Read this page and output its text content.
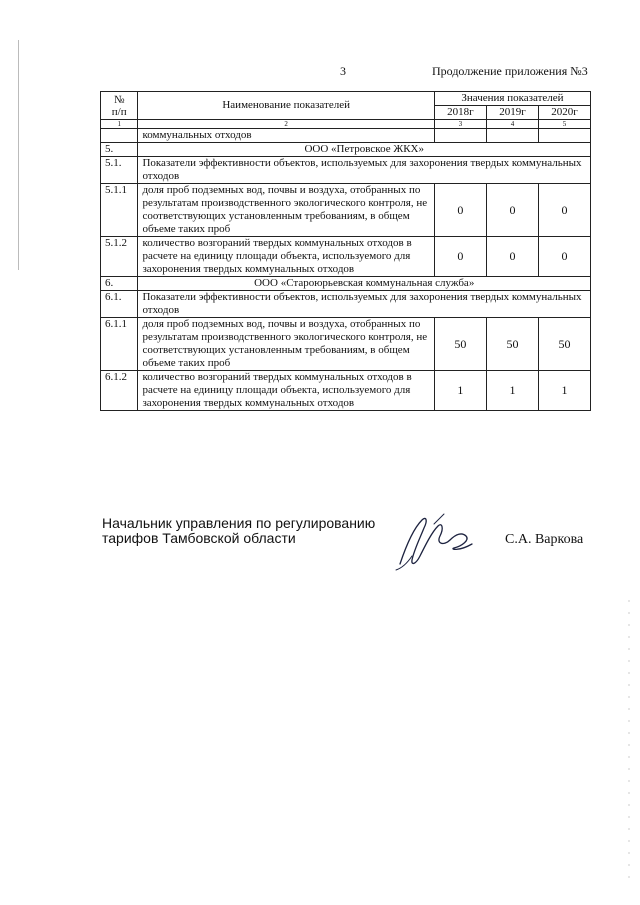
3	Продолжение приложения №3
№
п/п	Наименование показателей	Значения показателей		
		2018г	2019г	2020г
1	2	3	4	5
	коммунальных отходов			
5.	ООО «Петровское ЖКХ»			
5.1.	Показатели эффективности объектов, используемых для захоронения твердых коммунальных отходов			
5.1.1	доля проб подземных вод, почвы и воздуха, отобранных по результатам производственного экологического контроля, не соответствующих установленным требованиям, в общем объеме таких проб	0	0	0
5.1.2	количество возгораний твердых коммунальных отходов в расчете на единицу площади объекта, используемого для захоронения твердых коммунальных отходов	0	0	0
6.	ООО «Староюрьевская коммунальная служба»			
6.1.	Показатели эффективности объектов, используемых для захоронения твердых коммунальных отходов			
6.1.1	доля проб подземных вод, почвы и воздуха, отобранных по результатам производственного экологического контроля, не соответствующих установленным требованиям, в общем объеме таких проб	50	50	50
6.1.2	количество возгораний твердых коммунальных отходов в расчете на единицу площади объекта, используемого для захоронения твердых коммунальных отходов	1	1	1
Начальник управления по регулированию
тарифов Тамбовской области	С.А. Варкова
